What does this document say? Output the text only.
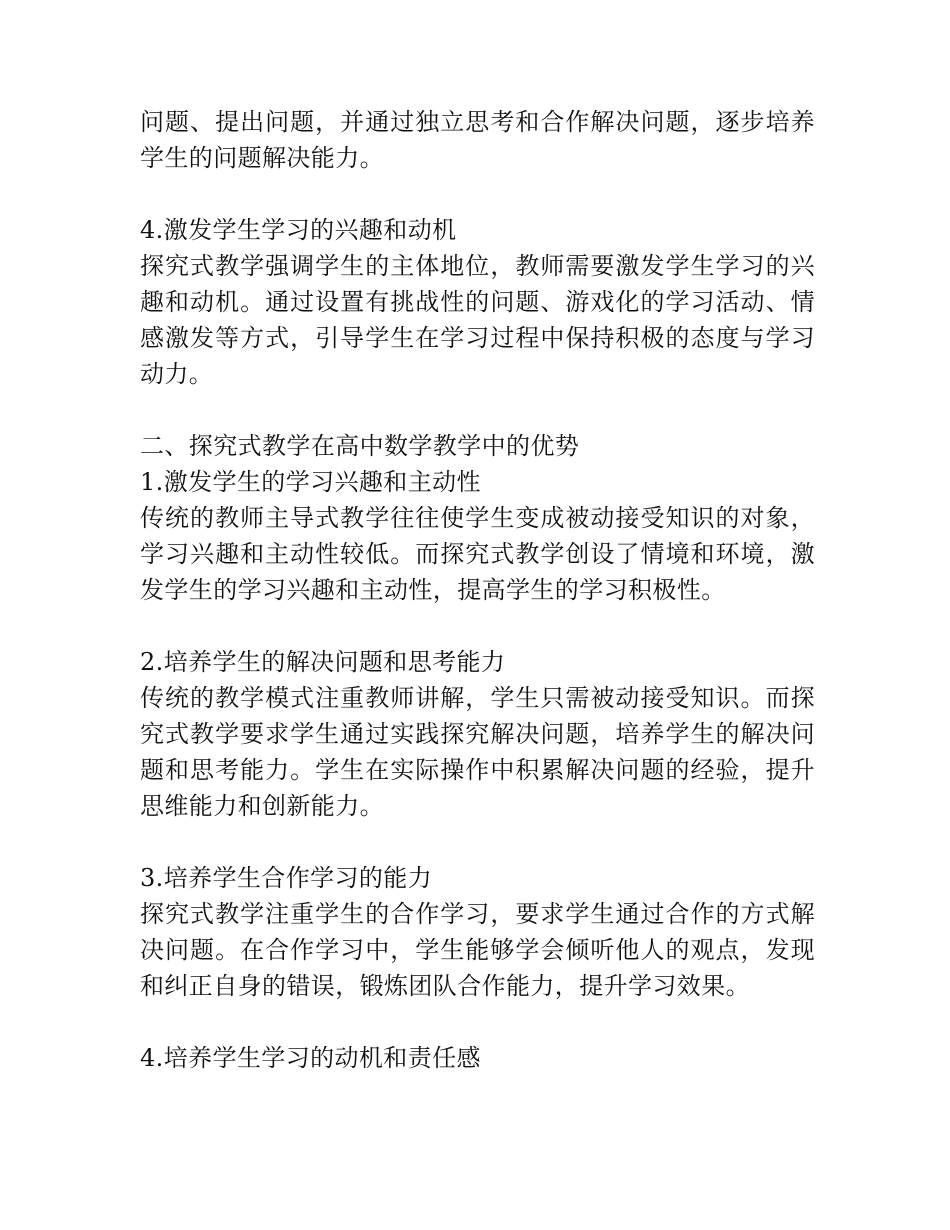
问题、提出问题，并通过独立思考和合作解决问题，逐步培养学生的问题解决能力。
4.激发学生学习的兴趣和动机
探究式教学强调学生的主体地位，教师需要激发学生学习的兴趣和动机。通过设置有挑战性的问题、游戏化的学习活动、情感激发等方式，引导学生在学习过程中保持积极的态度与学习动力。
二、探究式教学在高中数学教学中的优势
1.激发学生的学习兴趣和主动性
传统的教师主导式教学往往使学生变成被动接受知识的对象，学习兴趣和主动性较低。而探究式教学创设了情境和环境，激发学生的学习兴趣和主动性，提高学生的学习积极性。
2.培养学生的解决问题和思考能力
传统的教学模式注重教师讲解，学生只需被动接受知识。而探究式教学要求学生通过实践探究解决问题，培养学生的解决问题和思考能力。学生在实际操作中积累解决问题的经验，提升思维能力和创新能力。
3.培养学生合作学习的能力
探究式教学注重学生的合作学习，要求学生通过合作的方式解决问题。在合作学习中，学生能够学会倾听他人的观点，发现和纠正自身的错误，锻炼团队合作能力，提升学习效果。
4.培养学生学习的动机和责任感
